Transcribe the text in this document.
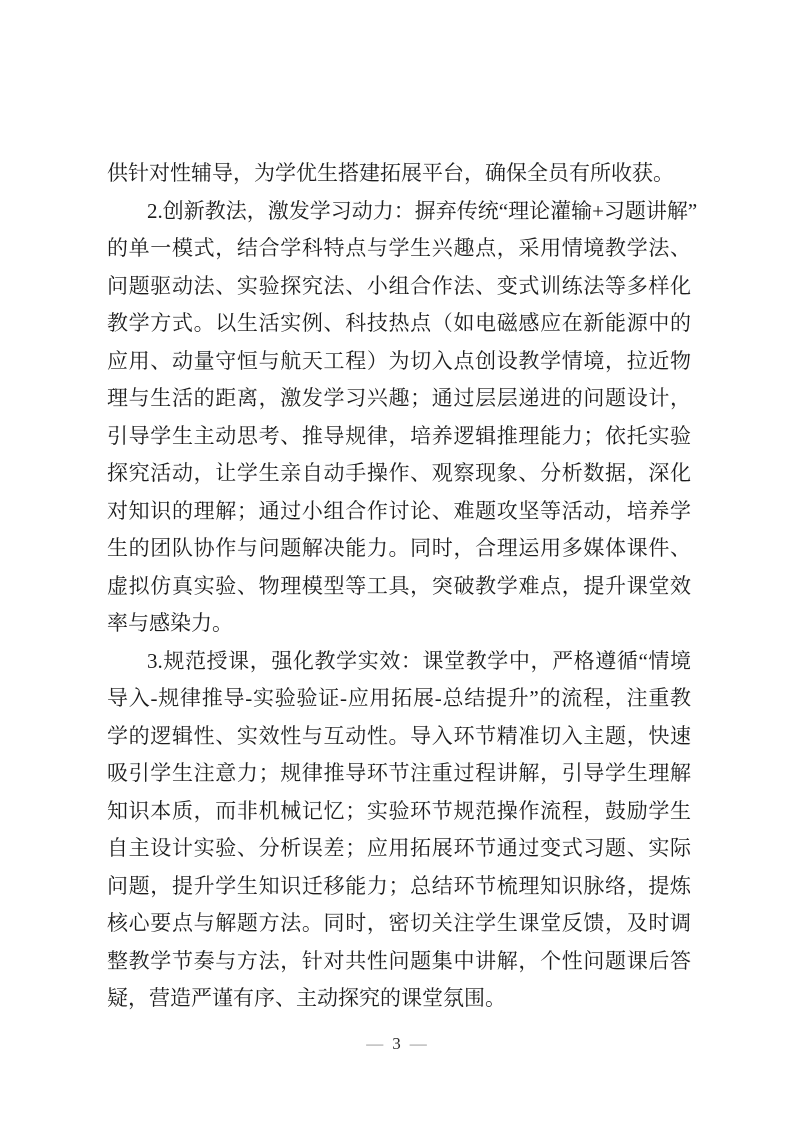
供针对性辅导，为学优生搭建拓展平台，确保全员有所收获。
2.创新教法，激发学习动力：摒弃传统“理论灌输+习题讲解”
的单一模式，结合学科特点与学生兴趣点，采用情境教学法、
问题驱动法、实验探究法、小组合作法、变式训练法等多样化
教学方式。以生活实例、科技热点（如电磁感应在新能源中的
应用、动量守恒与航天工程）为切入点创设教学情境，拉近物
理与生活的距离，激发学习兴趣；通过层层递进的问题设计，
引导学生主动思考、推导规律，培养逻辑推理能力；依托实验
探究活动，让学生亲自动手操作、观察现象、分析数据，深化
对知识的理解；通过小组合作讨论、难题攻坚等活动，培养学
生的团队协作与问题解决能力。同时，合理运用多媒体课件、
虚拟仿真实验、物理模型等工具，突破教学难点，提升课堂效
率与感染力。
3.规范授课，强化教学实效：课堂教学中，严格遵循“情境
导入-规律推导-实验验证-应用拓展-总结提升”的流程，注重教
学的逻辑性、实效性与互动性。导入环节精准切入主题，快速
吸引学生注意力；规律推导环节注重过程讲解，引导学生理解
知识本质，而非机械记忆；实验环节规范操作流程，鼓励学生
自主设计实验、分析误差；应用拓展环节通过变式习题、实际
问题，提升学生知识迁移能力；总结环节梳理知识脉络，提炼
核心要点与解题方法。同时，密切关注学生课堂反馈，及时调
整教学节奏与方法，针对共性问题集中讲解，个性问题课后答
疑，营造严谨有序、主动探究的课堂氛围。
— 3 —
